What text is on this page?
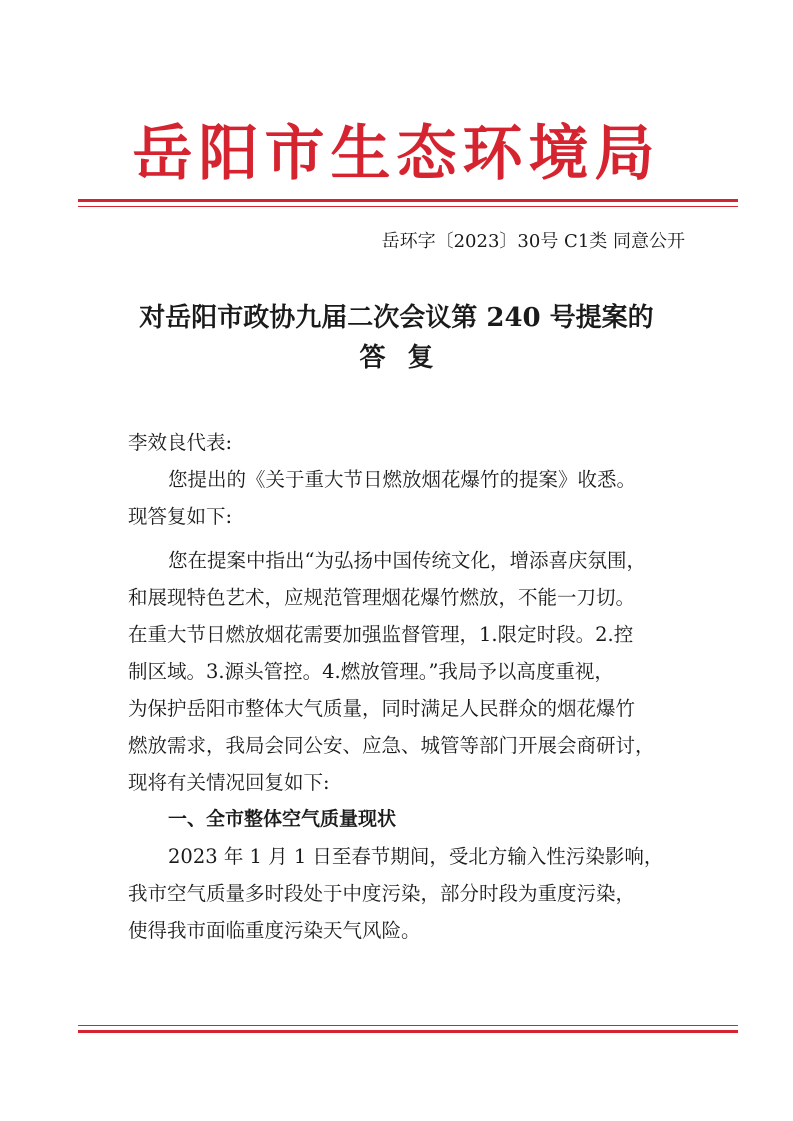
岳阳市生态环境局
岳环字〔2023〕30号 C1类 同意公开
对岳阳市政协九届二次会议第 240 号提案的
答复
李效良代表:
您提出的《关于重大节日燃放烟花爆竹的提案》收悉。
现答复如下:
您在提案中指出“为弘扬中国传统文化，增添喜庆氛围，
和展现特色艺术，应规范管理烟花爆竹燃放，不能一刀切。
在重大节日燃放烟花需要加强监督管理，1.限定时段。2.控
制区域。3.源头管控。4.燃放管理。”我局予以高度重视，
为保护岳阳市整体大气质量，同时满足人民群众的烟花爆竹
燃放需求，我局会同公安、应急、城管等部门开展会商研讨，
现将有关情况回复如下:
一、全市整体空气质量现状
2023 年 1 月 1 日至春节期间，受北方输入性污染影响，
我市空气质量多时段处于中度污染，部分时段为重度污染，
使得我市面临重度污染天气风险。
